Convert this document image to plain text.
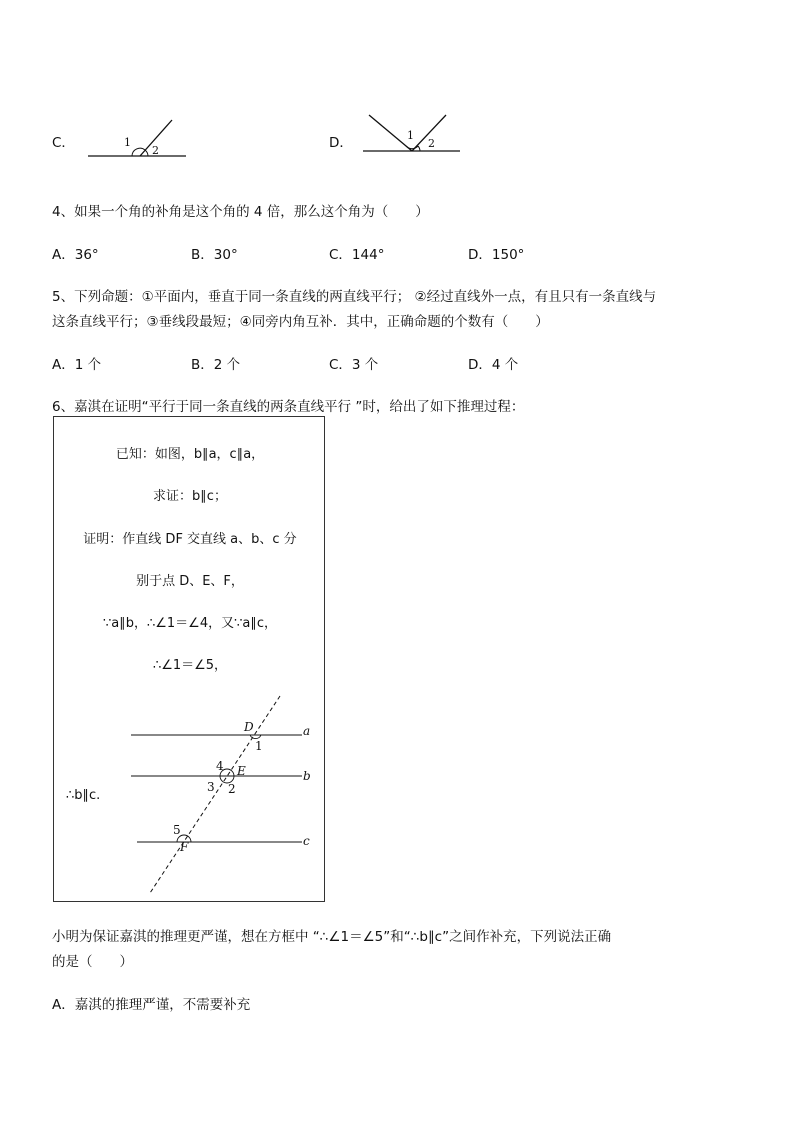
C．	1
2	D．	1
2
4、如果一个角的补角是这个角的 4 倍，那么这个角为（　　）
A．36°	B．30°	C．144°	D．150°
5、下列命题：①平面内，垂直于同一条直线的两直线平行； ②经过直线外一点，有且只有一条直线与
这条直线平行；③垂线段最短；④同旁内角互补．其中，正确命题的个数有（　　）
A．1 个	B．2 个	C．3 个	D．4 个
6、嘉淇在证明“平行于同一条直线的两条直线平行 ”时，给出了如下推理过程：
已知：如图，b∥a，c∥a，
求证：b∥c；
证明：作直线 DF 交直线 a、b、c 分
别于点 D、E、F，
∵a∥b，∴∠1＝∠4，又∵a∥c，
∴∠1＝∠5，
∴b∥c.
a
b
c
D
E
F
1
2
3
4
5
小明为保证嘉淇的推理更严谨，想在方框中 “∴∠1＝∠5”和“∴b∥c”之间作补充，下列说法正确
的是（　　）
A．嘉淇的推理严谨，不需要补充
